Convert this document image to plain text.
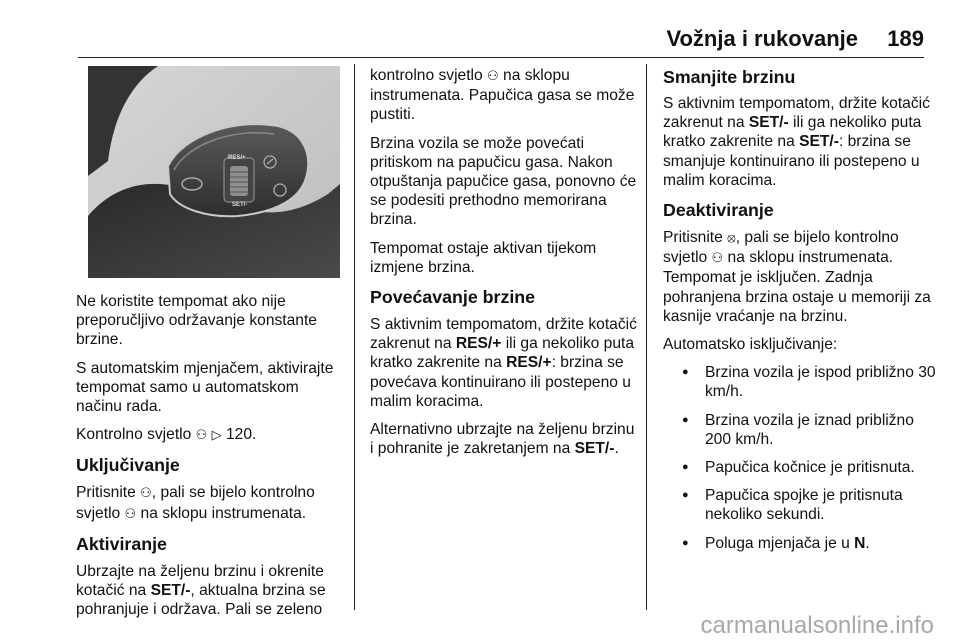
Vožnja i rukovanje 189
RES/+
SET/-

Ne koristite tempomat ako nije preporučljivo održavanje konstante brzine.

S automatskim mjenjačem, aktivirajte tempomat samo u automatskom načinu rada.

Kontrolno svjetlo ⚇ ▷ 120.

Uključivanje

Pritisnite ⚇, pali se bijelo kontrolno svjetlo ⚇ na sklopu instrumenata.

Aktiviranje

Ubrzajte na željenu brzinu i okrenite kotačić na SET/-, aktualna brzina se pohranjuje i održava. Pali se zeleno

kontrolno svjetlo ⚇ na sklopu instrumenata. Papučica gasa se može pustiti.

Brzina vozila se može povećati pritiskom na papučicu gasa. Nakon otpuštanja papučice gasa, ponovno će se podesiti prethodno memorirana brzina.

Tempomat ostaje aktivan tijekom izmjene brzina.

Povećavanje brzine

S aktivnim tempomatom, držite kotačić zakrenut na RES/+ ili ga nekoliko puta kratko zakrenite na RES/+: brzina se povećava kontinuirano ili postepeno u malim koracima.

Alternativno ubrzajte na željenu brzinu i pohranite je zakretanjem na SET/-.

Smanjite brzinu

S aktivnim tempomatom, držite kotačić zakrenut na SET/- ili ga nekoliko puta kratko zakrenite na SET/-: brzina se smanjuje kontinuirano ili postepeno u malim koracima.

Deaktiviranje

Pritisnite ⦻, pali se bijelo kontrolno svjetlo ⚇ na sklopu instrumenata. Tempomat je isključen. Zadnja pohranjena brzina ostaje u memoriji za kasnije vraćanje na brzinu.

Automatsko isključivanje:

● Brzina vozila je ispod približno 30 km/h.
● Brzina vozila je iznad približno 200 km/h.
● Papučica kočnice je pritisnuta.
● Papučica spojke je pritisnuta nekoliko sekundi.
● Poluga mjenjača je u N.
carmanualsonline.info
